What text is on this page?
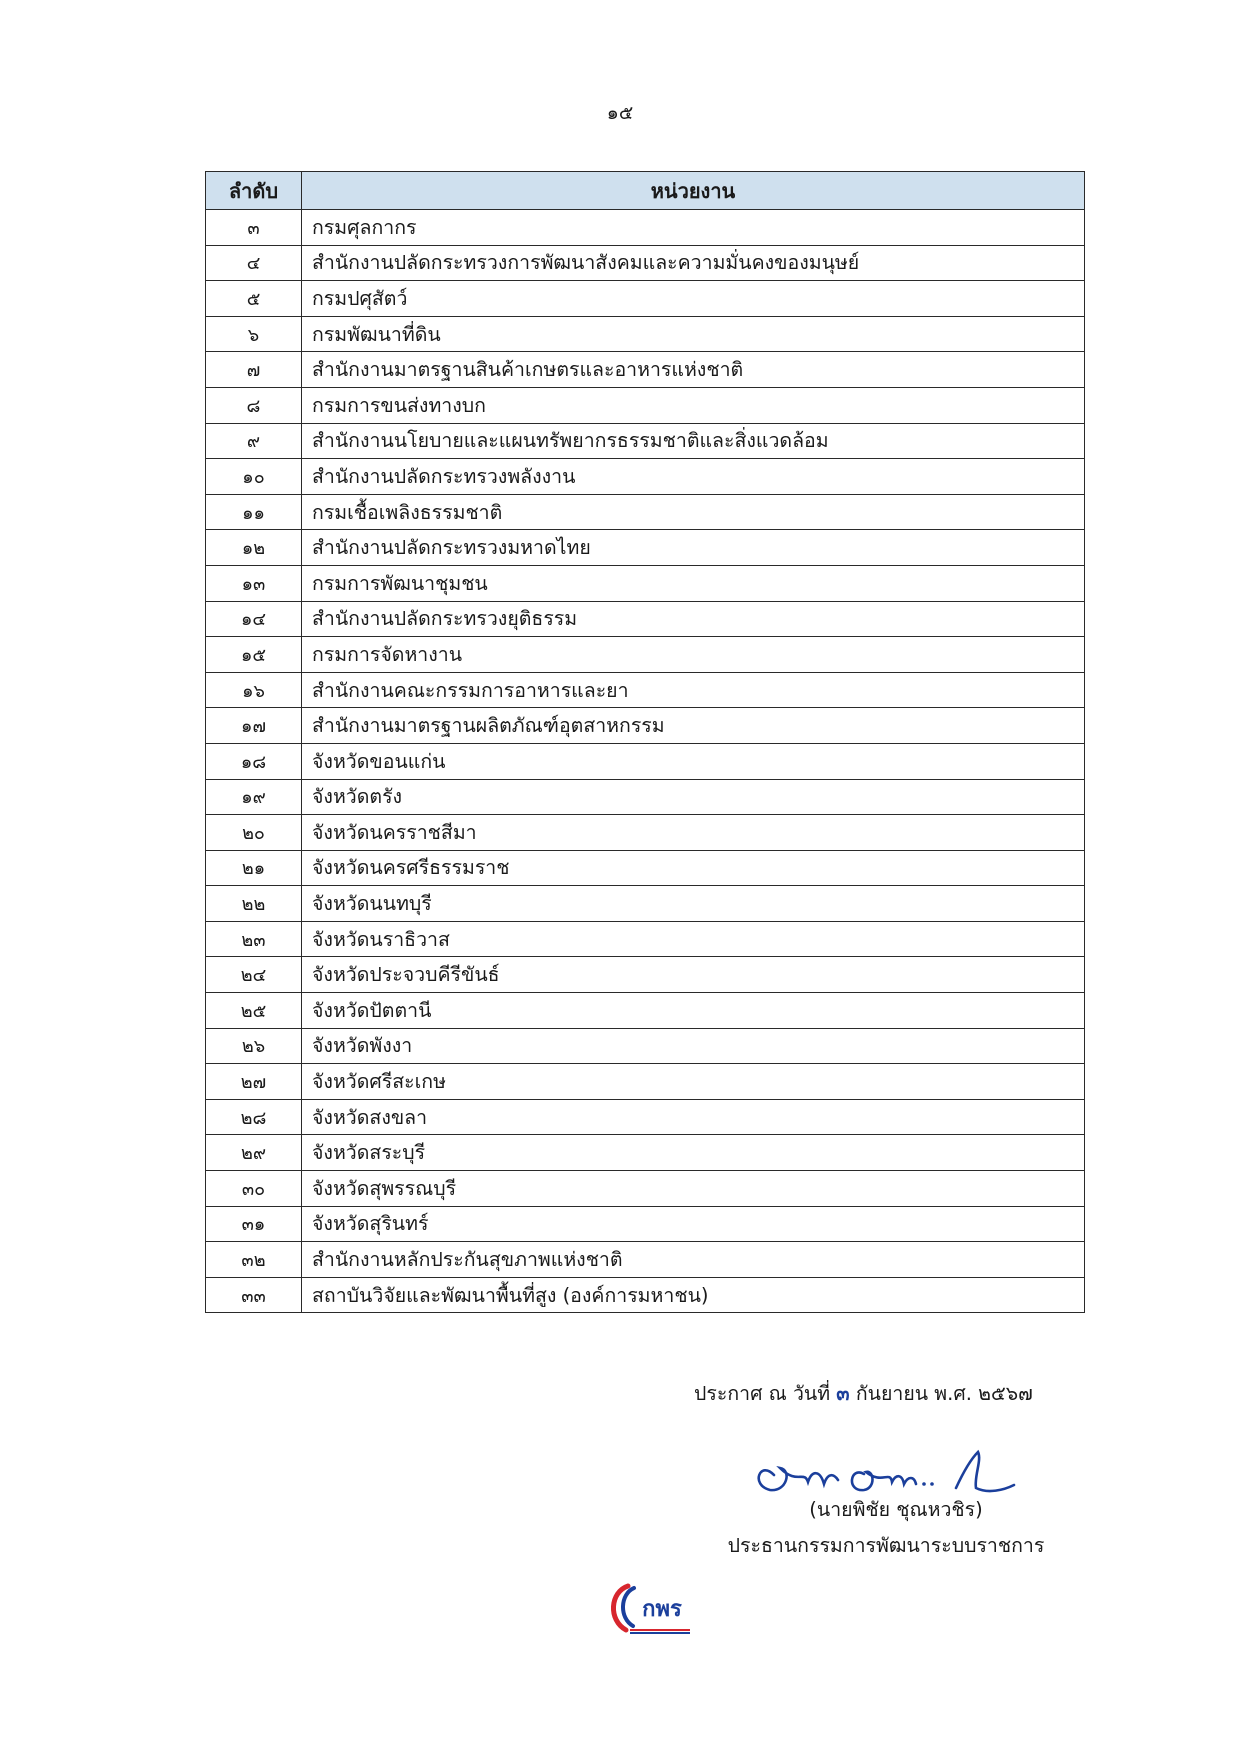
๑๕
ลำดับ	หน่วยงาน
๓	กรมศุลกากร
๔	สำนักงานปลัดกระทรวงการพัฒนาสังคมและความมั่นคงของมนุษย์
๕	กรมปศุสัตว์
๖	กรมพัฒนาที่ดิน
๗	สำนักงานมาตรฐานสินค้าเกษตรและอาหารแห่งชาติ
๘	กรมการขนส่งทางบก
๙	สำนักงานนโยบายและแผนทรัพยากรธรรมชาติและสิ่งแวดล้อม
๑๐	สำนักงานปลัดกระทรวงพลังงาน
๑๑	กรมเชื้อเพลิงธรรมชาติ
๑๒	สำนักงานปลัดกระทรวงมหาดไทย
๑๓	กรมการพัฒนาชุมชน
๑๔	สำนักงานปลัดกระทรวงยุติธรรม
๑๕	กรมการจัดหางาน
๑๖	สำนักงานคณะกรรมการอาหารและยา
๑๗	สำนักงานมาตรฐานผลิตภัณฑ์อุตสาหกรรม
๑๘	จังหวัดขอนแก่น
๑๙	จังหวัดตรัง
๒๐	จังหวัดนครราชสีมา
๒๑	จังหวัดนครศรีธรรมราช
๒๒	จังหวัดนนทบุรี
๒๓	จังหวัดนราธิวาส
๒๔	จังหวัดประจวบคีรีขันธ์
๒๕	จังหวัดปัตตานี
๒๖	จังหวัดพังงา
๒๗	จังหวัดศรีสะเกษ
๒๘	จังหวัดสงขลา
๒๙	จังหวัดสระบุรี
๓๐	จังหวัดสุพรรณบุรี
๓๑	จังหวัดสุรินทร์
๓๒	สำนักงานหลักประกันสุขภาพแห่งชาติ
๓๓	สถาบันวิจัยและพัฒนาพื้นที่สูง (องค์การมหาชน)
ประกาศ ณ วันที่ ๓ กันยายน พ.ศ. ๒๕๖๗
(นายพิชัย ชุณหวชิร)
ประธานกรรมการพัฒนาระบบราชการ
กพร
